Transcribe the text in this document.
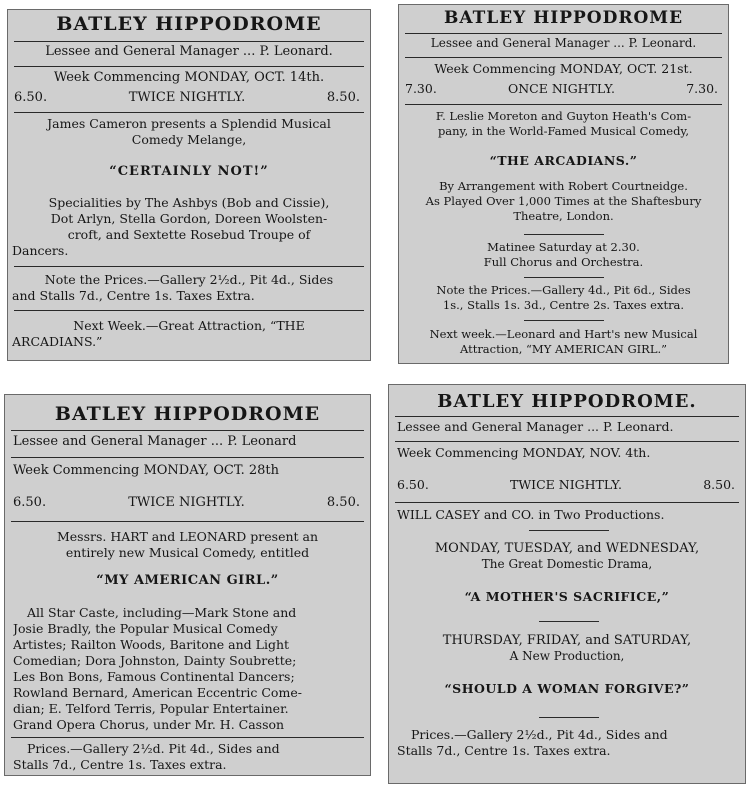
BATLEY HIPPODROME
Lessee and General Manager ... P. Leonard.
Week Commencing MONDAY, OCT. 14th.
6.50.	TWICE NIGHTLY.	8.50.
James Cameron presents a Splendid Musical
Comedy Melange,
“CERTAINLY NOT!”
Specialities by The Ashbys (Bob and Cissie),
Dot Arlyn, Stella Gordon, Doreen Woolsten-
croft, and Sextette Rosebud Troupe of
Dancers.
Note the Prices.—Gallery 2½d., Pit 4d., Sides
and Stalls 7d., Centre 1s. Taxes Extra.
Next Week.—Great Attraction, “THE
ARCADIANS.”
BATLEY HIPPODROME
Lessee and General Manager ... P. Leonard.
Week Commencing MONDAY, OCT. 21st.
7.30.	ONCE NIGHTLY.	7.30.
F. Leslie Moreton and Guyton Heath's Com-
pany, in the World-Famed Musical Comedy,
“THE ARCADIANS.”
By Arrangement with Robert Courtneidge.
As Played Over 1,000 Times at the Shaftesbury
Theatre, London.
Matinee Saturday at 2.30.
Full Chorus and Orchestra.
Note the Prices.—Gallery 4d., Pit 6d., Sides
1s., Stalls 1s. 3d., Centre 2s. Taxes extra.
Next week.—Leonard and Hart's new Musical
Attraction, “MY AMERICAN GIRL.”
BATLEY HIPPODROME
Lessee and General Manager ... P. Leonard
Week Commencing MONDAY, OCT. 28th
6.50.	TWICE NIGHTLY.	8.50.
Messrs. HART and LEONARD present an
entirely new Musical Comedy, entitled
“MY AMERICAN GIRL.”
All Star Caste, including—Mark Stone and
Josie Bradly, the Popular Musical Comedy
Artistes; Railton Woods, Baritone and Light
Comedian; Dora Johnston, Dainty Soubrette;
Les Bon Bons, Famous Continental Dancers;
Rowland Bernard, American Eccentric Come-
dian; E. Telford Terris, Popular Entertainer.
Grand Opera Chorus, under Mr. H. Casson
Prices.—Gallery 2½d. Pit 4d., Sides and
Stalls 7d., Centre 1s. Taxes extra.
BATLEY HIPPODROME.
Lessee and General Manager ... P. Leonard.
Week Commencing MONDAY, NOV. 4th.
6.50.	TWICE NIGHTLY.	8.50.
WILL CASEY and CO. in Two Productions.
MONDAY, TUESDAY, and WEDNESDAY,
The Great Domestic Drama,
“A MOTHER'S SACRIFICE,”
THURSDAY, FRIDAY, and SATURDAY,
A New Production,
“SHOULD A WOMAN FORGIVE?”
Prices.—Gallery 2½d., Pit 4d., Sides and
Stalls 7d., Centre 1s. Taxes extra.
